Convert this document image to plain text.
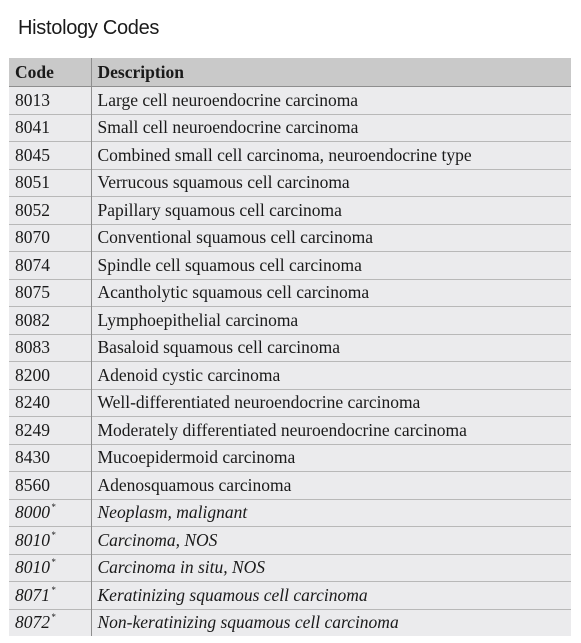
Histology Codes
Code	Description
8013	Large cell neuroendocrine carcinoma
8041	Small cell neuroendocrine carcinoma
8045	Combined small cell carcinoma, neuroendocrine type
8051	Verrucous squamous cell carcinoma
8052	Papillary squamous cell carcinoma
8070	Conventional squamous cell carcinoma
8074	Spindle cell squamous cell carcinoma
8075	Acantholytic squamous cell carcinoma
8082	Lymphoepithelial carcinoma
8083	Basaloid squamous cell carcinoma
8200	Adenoid cystic carcinoma
8240	Well-differentiated neuroendocrine carcinoma
8249	Moderately differentiated neuroendocrine carcinoma
8430	Mucoepidermoid carcinoma
8560	Adenosquamous carcinoma
8000*	Neoplasm, malignant
8010*	Carcinoma, NOS
8010*	Carcinoma in situ, NOS
8071*	Keratinizing squamous cell carcinoma
8072*	Non-keratinizing squamous cell carcinoma
